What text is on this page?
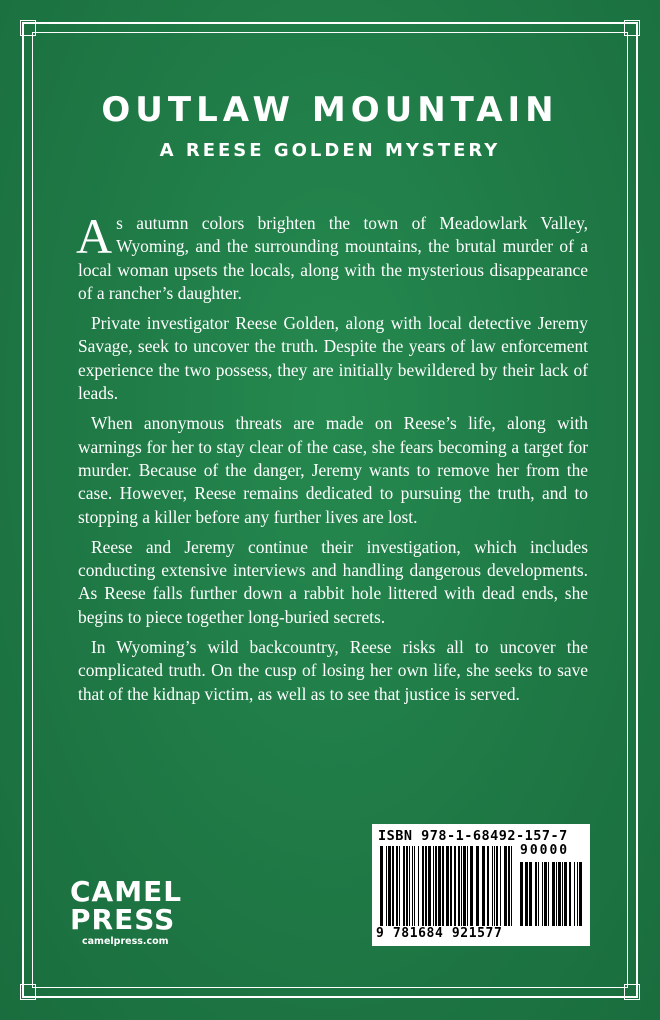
OUTLAW MOUNTAIN
A REESE GOLDEN MYSTERY

As autumn colors brighten the town of Meadowlark Valley, Wyoming, and the surrounding mountains, the brutal murder of a local woman upsets the locals, along with the mysterious disappearance of a rancher’s daughter.

Private investigator Reese Golden, along with local detective Jeremy Savage, seek to uncover the truth. Despite the years of law enforcement experience the two possess, they are initially bewildered by their lack of leads.

When anonymous threats are made on Reese’s life, along with warnings for her to stay clear of the case, she fears becoming a target for murder. Because of the danger, Jeremy wants to remove her from the case. However, Reese remains dedicated to pursuing the truth, and to stopping a killer before any further lives are lost.

Reese and Jeremy continue their investigation, which includes conducting extensive interviews and handling dangerous developments. As Reese falls further down a rabbit hole littered with dead ends, she begins to piece together long-buried secrets.

In Wyoming’s wild backcountry, Reese risks all to uncover the complicated truth. On the cusp of losing her own life, she seeks to save that of the kidnap victim, as well as to see that justice is served.

ISBN 978-1-68492-157-7
90000
9 781684 921577
CAMEL
PRESS
camelpress.com
